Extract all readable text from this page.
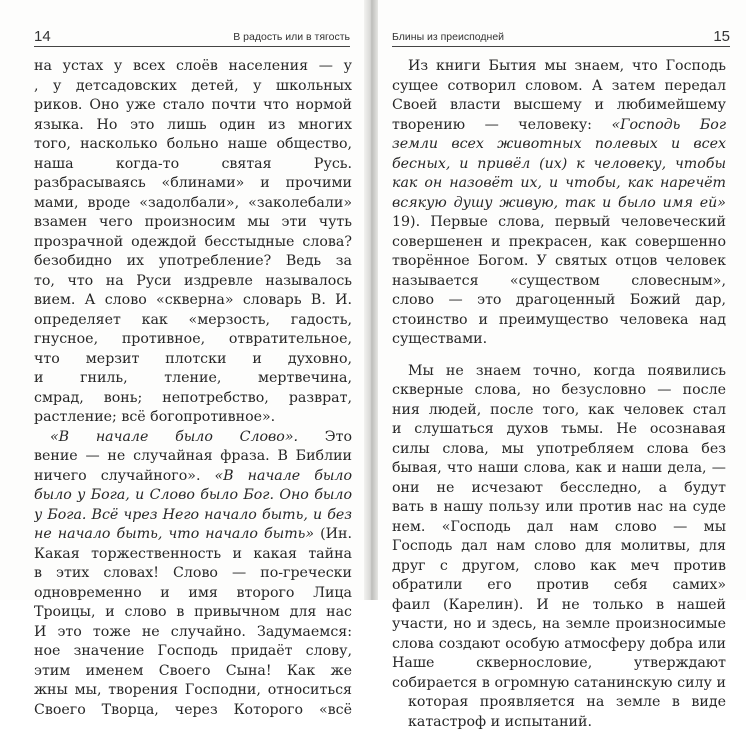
14	В радость или в тягость
на устах у всех слоёв населения — у
, у детсадовских детей, у школьных
риков. Оно уже стало почти что нормой
языка. Но это лишь один из многих
того, насколько больно наше общество,
наша когда-то святая Русь.
разбрасываясь «блинами» и прочими
мами, вроде «задолбали», «заколебали»
взамен чего произносим мы эти чуть
прозрачной одеждой бесстыдные слова?
безобидно их употребление? Ведь за
то, что на Руси издревле называлось
вием. А слово «скверна» словарь В. И.
определяет как «мерзость, гадость,
гнусное, противное, отвратительное,
что мерзит плотски и духовно,
и гниль, тление, мертвечина,
смрад, вонь; непотребство, разврат,
растление; всё богопротивное».
«В начале было Слово». Это
вение — не случайная фраза. В Библии
ничего случайного». «В начале было
было у Бога, и Слово было Бог. Оно было
у Бога. Всё чрез Него начало быть, и без
не начало быть, что начало быть» (Ин.
Какая торжественность и какая тайна
в этих словах! Слово — по-гречески
одновременно и имя второго Лица
Троицы, и слово в привычном для нас
И это тоже не случайно. Задумаемся:
ное значение Господь придаёт слову,
этим именем Своего Сына! Как же
жны мы, творения Господни, относиться
Своего Творца, через Которого «всё
Блины из преисподней	15
Из книги Бытия мы знаем, что Господь
сущее сотворил словом. А затем передал
Своей власти высшему и любимейшему
творению — человеку: «Господь Бог
земли всех животных полевых и всех
бесных, и привёл (их) к человеку, чтобы
как он назовёт их, и чтобы, как наречёт
всякую душу живую, так и было имя ей»
19). Первые слова, первый человеческий
совершенен и прекрасен, как совершенно
творённое Богом. У святых отцов человек
называется «существом словесным»,
слово — это драгоценный Божий дар,
стоинство и преимущество человека над
существами.
Мы не знаем точно, когда появились
скверные слова, но безусловно — после
ния людей, после того, как человек стал
и слушаться духов тьмы. Не осознавая
силы слова, мы употребляем слова без
бывая, что наши слова, как и наши дела, —
они не исчезают бесследно, а будут
вать в нашу пользу или против нас на суде
нем. «Господь дал нам слово — мы
Господь дал нам слово для молитвы, для
друг с другом, слово как меч против
обратили его против себя самих»
фаил (Карелин). И не только в нашей
участи, но и здесь, на земле произносимые
слова создают особую атмосферу добра или
Наше сквернословие, утверждают
собирается в огромную сатанинскую силу и
которая проявляется на земле в виде
катастроф и испытаний.
